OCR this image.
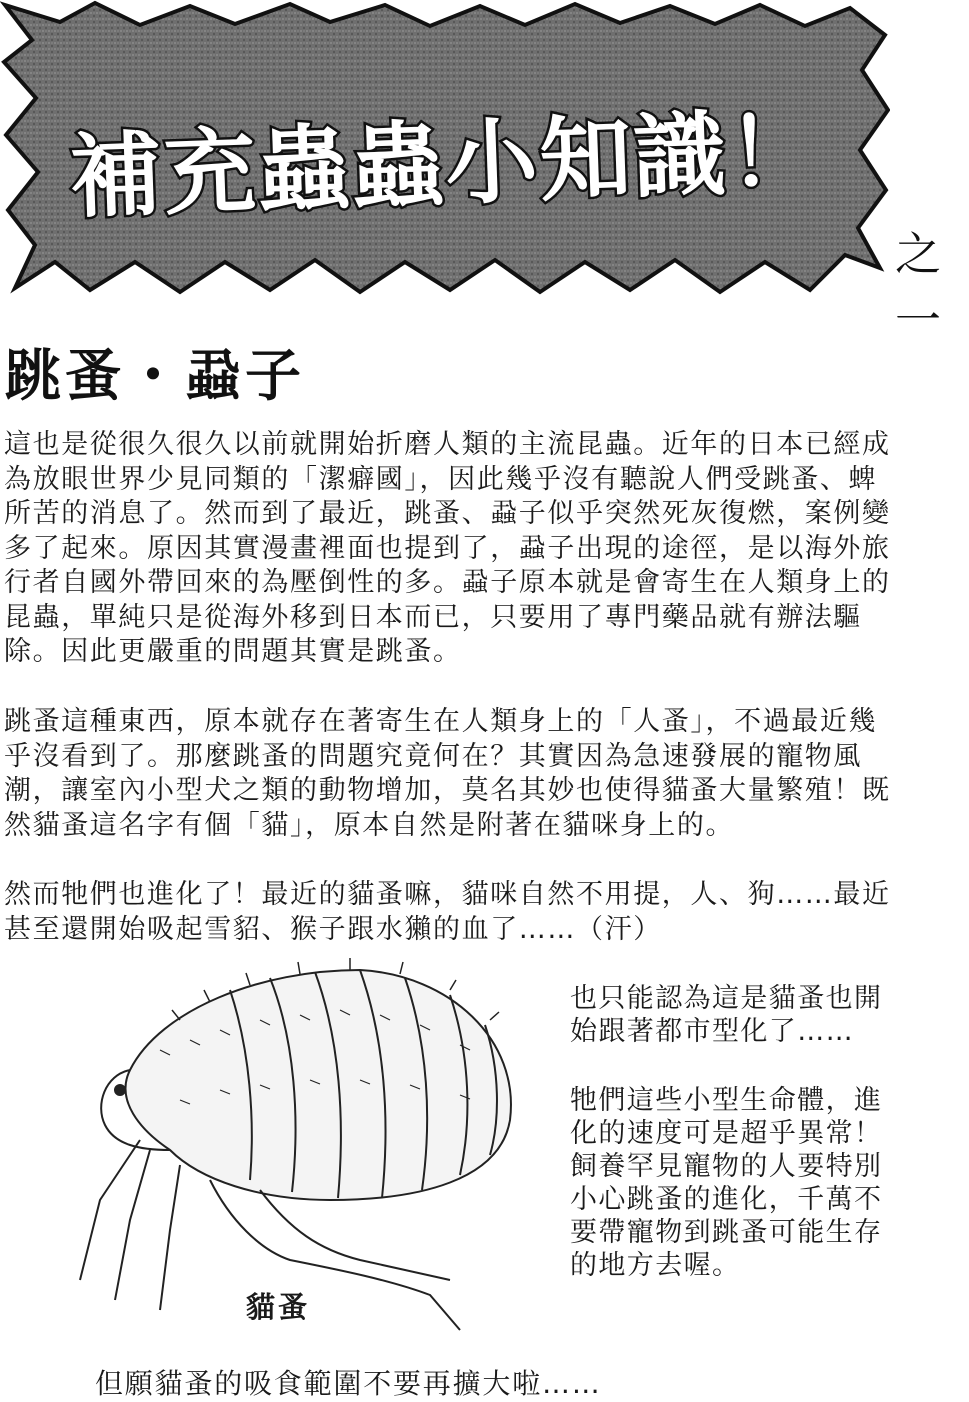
補充蟲蟲小知識！
之一
跳蚤・蝨子

這也是從很久很久以前就開始折磨人類的主流昆蟲。近年的日本已經成為放眼世界少見同類的「潔癖國」，因此幾乎沒有聽說人們受跳蚤、蜱所苦的消息了。然而到了最近，跳蚤、蝨子似乎突然死灰復燃，案例變多了起來。原因其實漫畫裡面也提到了，蝨子出現的途徑，是以海外旅行者自國外帶回來的為壓倒性的多。蝨子原本就是會寄生在人類身上的昆蟲，單純只是從海外移到日本而已，只要用了專門藥品就有辦法驅除。因此更嚴重的問題其實是跳蚤。

跳蚤這種東西，原本就存在著寄生在人類身上的「人蚤」，不過最近幾乎沒看到了。那麼跳蚤的問題究竟何在？其實因為急速發展的寵物風潮，讓室內小型犬之類的動物增加，莫名其妙也使得貓蚤大量繁殖！既然貓蚤這名字有個「貓」，原本自然是附著在貓咪身上的。

然而牠們也進化了！最近的貓蚤嘛，貓咪自然不用提，人、狗……最近甚至還開始吸起雪貂、猴子跟水獺的血了……（汗）

貓蚤

也只能認為這是貓蚤也開始跟著都市型化了……

牠們這些小型生命體，進化的速度可是超乎異常！飼養罕見寵物的人要特別小心跳蚤的進化，千萬不要帶寵物到跳蚤可能生存的地方去喔。

但願貓蚤的吸食範圍不要再擴大啦……
